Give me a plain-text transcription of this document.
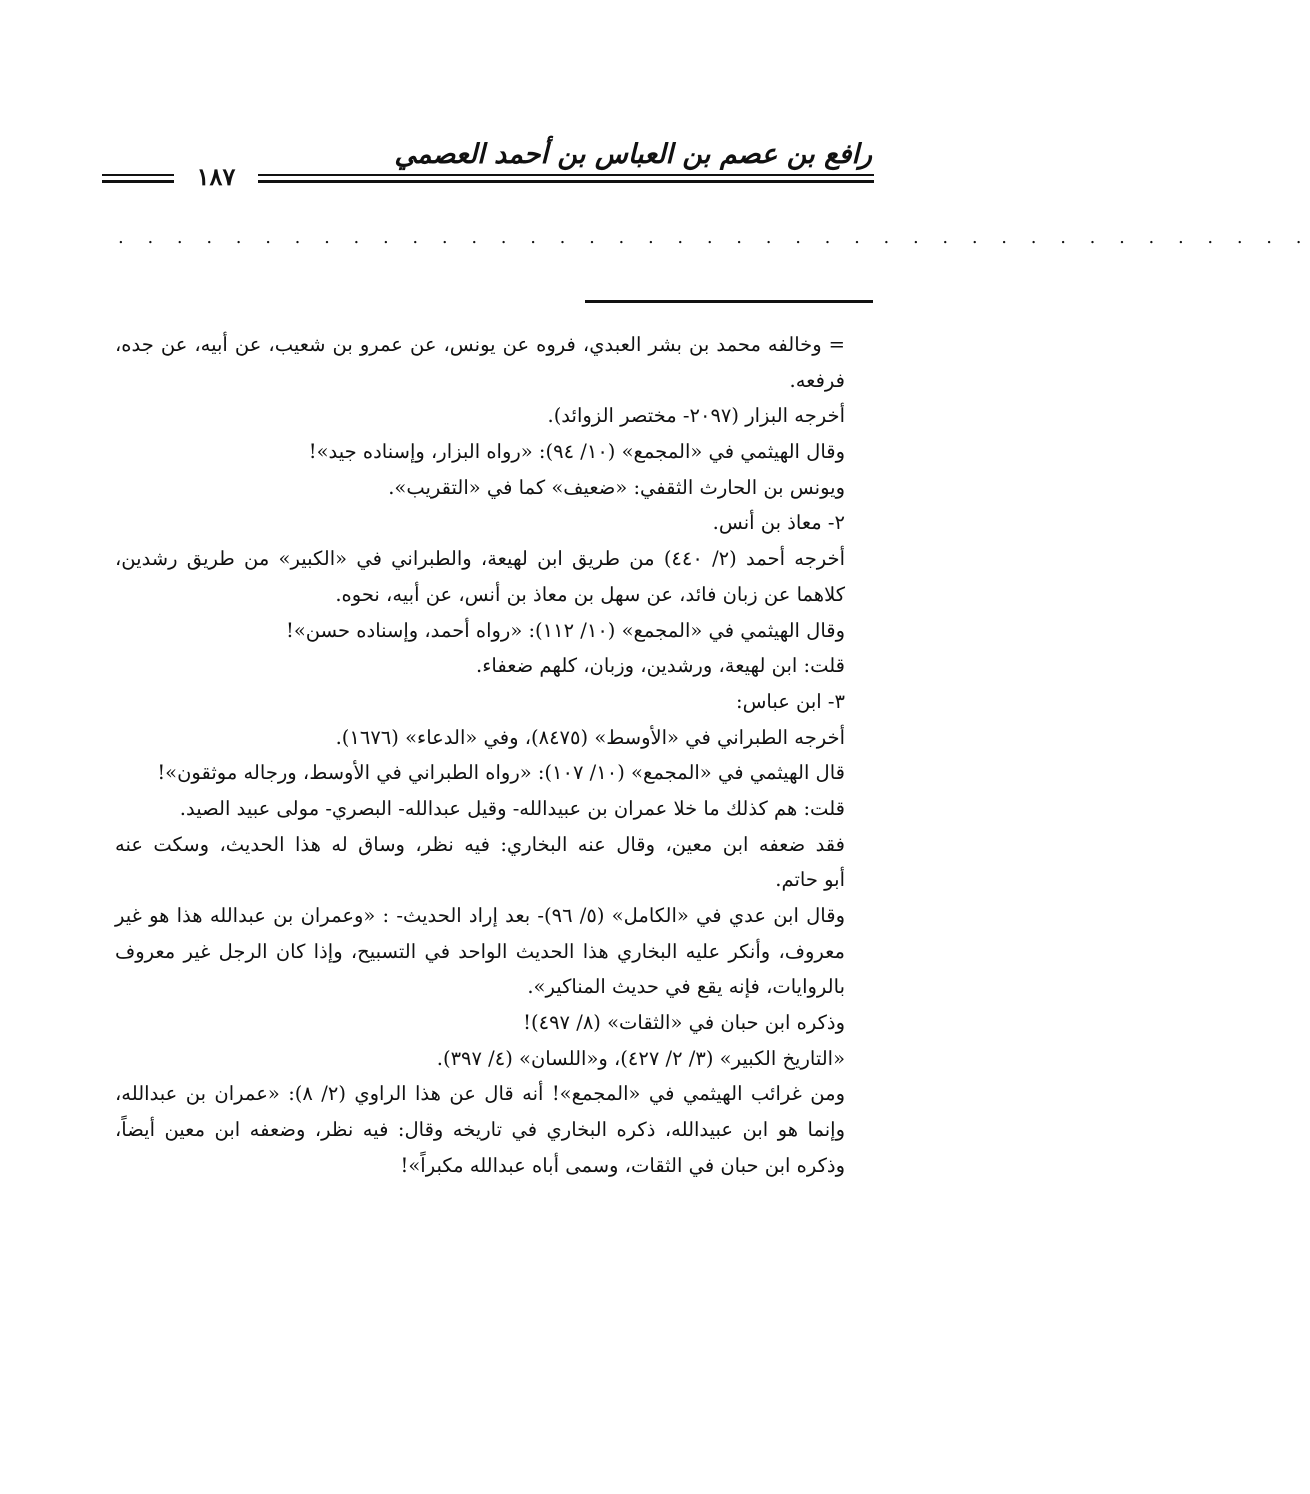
رافع بن عصم بن العباس بن أحمد العصمي
١٨٧
. . . . . . . . . . . . . . . . . . . . . . . . . . . . . . . . . . . . . . . . .
= وخالفه محمد بن بشر العبدي، فروه عن يونس، عن عمرو بن شعيب، عن أبيه، عن جده،
فرفعه.
أخرجه البزار (٢٠٩٧- مختصر الزوائد).
وقال الهيثمي في «المجمع» (١٠/ ٩٤): «رواه البزار، وإسناده جيد»!
ويونس بن الحارث الثقفي: «ضعيف» كما في «التقريب».
٢- معاذ بن أنس.
أخرجه أحمد (٢/ ٤٤٠) من طريق ابن لهيعة، والطبراني في «الكبير» من طريق رشدين،
كلاهما عن زبان فائد، عن سهل بن معاذ بن أنس، عن أبيه، نحوه.
وقال الهيثمي في «المجمع» (١٠/ ١١٢): «رواه أحمد، وإسناده حسن»!
قلت: ابن لهيعة، ورشدين، وزبان، كلهم ضعفاء.
٣- ابن عباس:
أخرجه الطبراني في «الأوسط» (٨٤٧٥)، وفي «الدعاء» (١٦٧٦).
قال الهيثمي في «المجمع» (١٠/ ١٠٧): «رواه الطبراني في الأوسط، ورجاله موثقون»!
قلت: هم كذلك ما خلا عمران بن عبيدالله- وقيل عبدالله- البصري- مولى عبيد الصيد.
فقد ضعفه ابن معين، وقال عنه البخاري: فيه نظر، وساق له هذا الحديث، وسكت عنه
أبو حاتم.
وقال ابن عدي في «الكامل» (٥/ ٩٦)- بعد إراد الحديث- : «وعمران بن عبدالله هذا هو غير
معروف، وأنكر عليه البخاري هذا الحديث الواحد في التسبيح، وإذا كان الرجل غير معروف
بالروايات، فإنه يقع في حديث المناكير».
وذكره ابن حبان في «الثقات» (٨/ ٤٩٧)!
«التاريخ الكبير» (٣/ ٢/ ٤٢٧)، و«اللسان» (٤/ ٣٩٧).
ومن غرائب الهيثمي في «المجمع»! أنه قال عن هذا الراوي (٢/ ٨): «عمران بن عبدالله،
وإنما هو ابن عبيدالله، ذكره البخاري في تاريخه وقال: فيه نظر، وضعفه ابن معين أيضاً،
وذكره ابن حبان في الثقات، وسمى أباه عبدالله مكبراً»!
